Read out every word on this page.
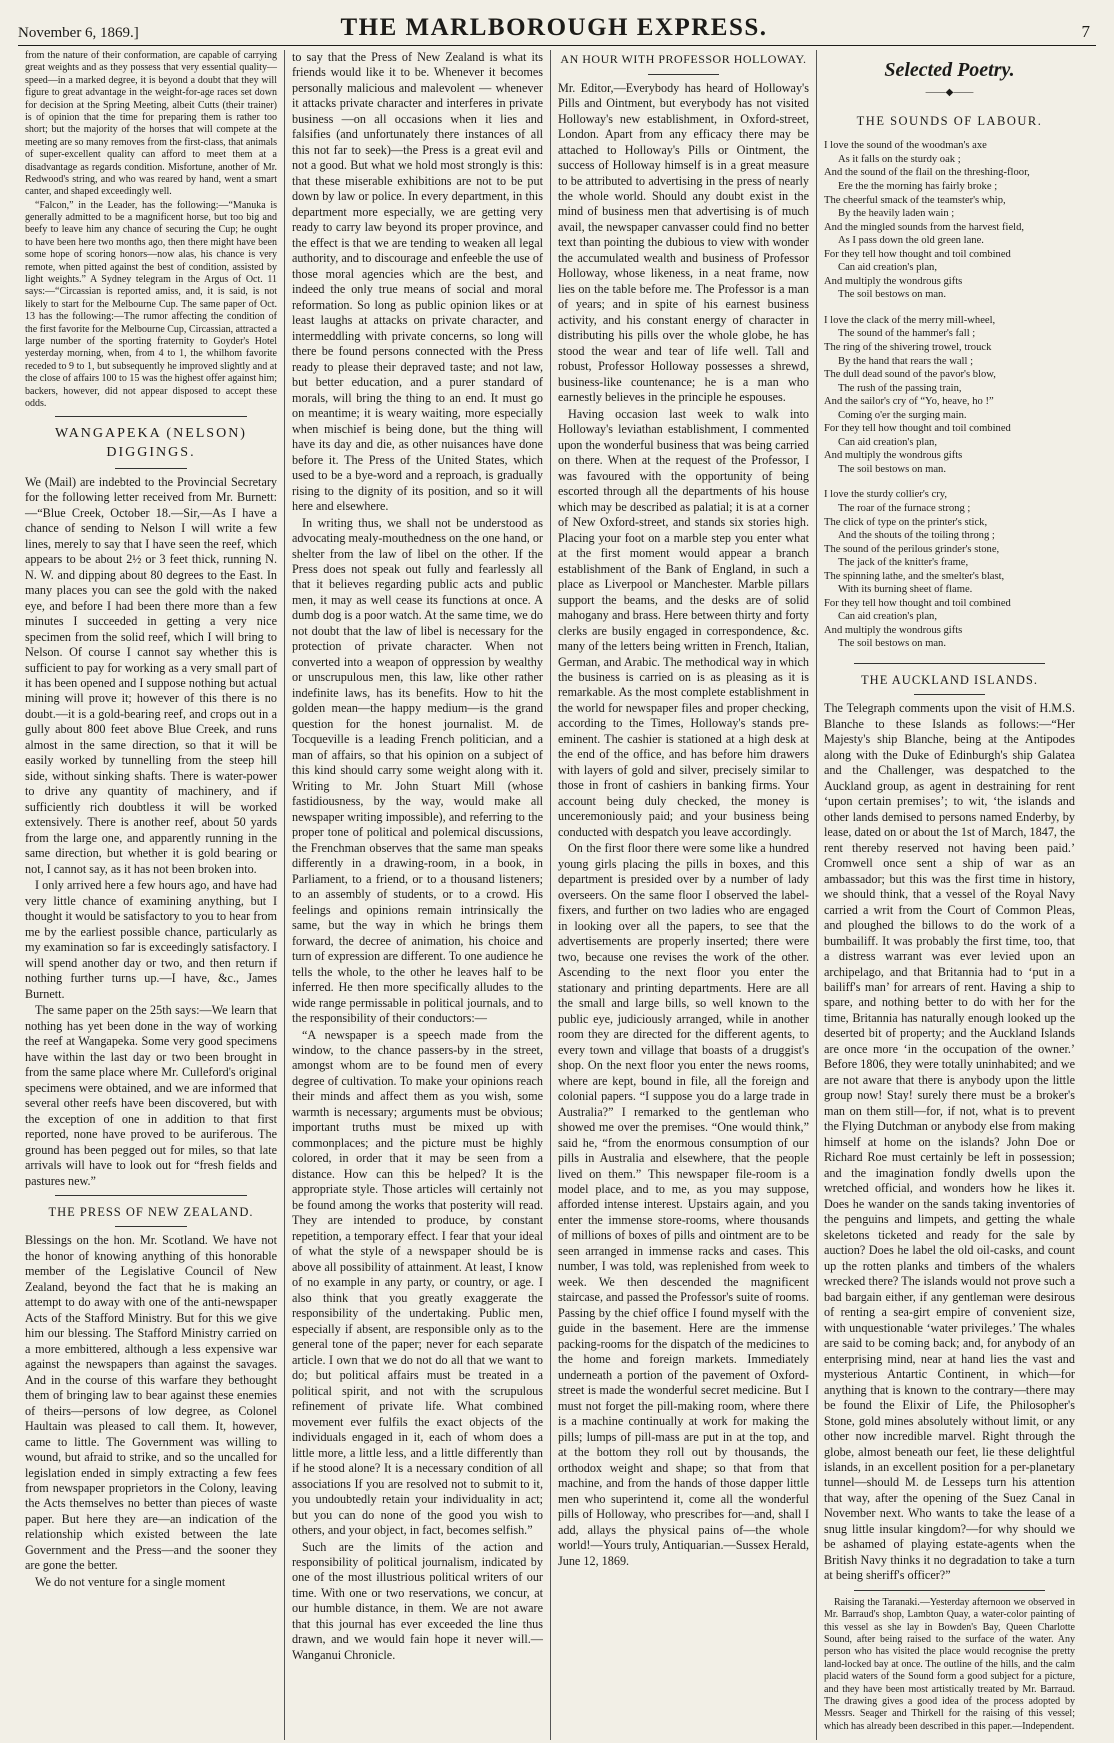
November 6, 1869.]	THE MARLBOROUGH EXPRESS.	7

from the nature of their conformation, are capable of carrying great weights and as they possess that very essential quality—speed—in a marked degree, it is beyond a doubt that they will figure to great advantage in the weight-for-age races set down for decision at the Spring Meeting, albeit Cutts (their trainer) is of opinion that the time for preparing them is rather too short; but the majority of the horses that will compete at the meeting are so many removes from the first-class, that animals of super-excellent quality can afford to meet them at a disadvantage as regards condition. Misfortune, another of Mr. Redwood's string, and who was reared by hand, went a smart canter, and shaped exceedingly well.

“Falcon,” in the Leader, has the following:—“Manuka is generally admitted to be a magnificent horse, but too big and beefy to leave him any chance of securing the Cup; he ought to have been here two months ago, then there might have been some hope of scoring honors—now alas, his chance is very remote, when pitted against the best of condition, assisted by light weights.” A Sydney telegram in the Argus of Oct. 11 says:—“Circassian is reported amiss, and, it is said, is not likely to start for the Melbourne Cup. The same paper of Oct. 13 has the following:—The rumor affecting the condition of the first favorite for the Melbourne Cup, Circassian, attracted a large number of the sporting fraternity to Goyder's Hotel yesterday morning, when, from 4 to 1, the whilhom favorite receded to 9 to 1, but subsequently he improved slightly and at the close of affairs 100 to 15 was the highest offer against him; backers, however, did not appear disposed to accept these odds.

WANGAPEKA (NELSON) DIGGINGS.

We (Mail) are indebted to the Provincial Secretary for the following letter received from Mr. Burnett:—“Blue Creek, October 18.—Sir,—As I have a chance of sending to Nelson I will write a few lines, merely to say that I have seen the reef, which appears to be about 2½ or 3 feet thick, running N. N. W. and dipping about 80 degrees to the East. In many places you can see the gold with the naked eye, and before I had been there more than a few minutes I succeeded in getting a very nice specimen from the solid reef, which I will bring to Nelson. Of course I cannot say whether this is sufficient to pay for working as a very small part of it has been opened and I suppose nothing but actual mining will prove it; however of this there is no doubt.—it is a gold-bearing reef, and crops out in a gully about 800 feet above Blue Creek, and runs almost in the same direction, so that it will be easily worked by tunnelling from the steep hill side, without sinking shafts. There is water-power to drive any quantity of machinery, and if sufficiently rich doubtless it will be worked extensively. There is another reef, about 50 yards from the large one, and apparently running in the same direction, but whether it is gold bearing or not, I cannot say, as it has not been broken into.

I only arrived here a few hours ago, and have had very little chance of examining anything, but I thought it would be satisfactory to you to hear from me by the earliest possible chance, particularly as my examination so far is exceedingly satisfactory. I will spend another day or two, and then return if nothing further turns up.—I have, &c., James Burnett.

The same paper on the 25th says:—We learn that nothing has yet been done in the way of working the reef at Wangapeka. Some very good specimens have within the last day or two been brought in from the same place where Mr. Culleford's original specimens were obtained, and we are informed that several other reefs have been discovered, but with the exception of one in addition to that first reported, none have proved to be auriferous. The ground has been pegged out for miles, so that late arrivals will have to look out for “fresh fields and pastures new.”

THE PRESS OF NEW ZEALAND.

Blessings on the hon. Mr. Scotland. We have not the honor of knowing anything of this honorable member of the Legislative Council of New Zealand, beyond the fact that he is making an attempt to do away with one of the anti-newspaper Acts of the Stafford Ministry. But for this we give him our blessing. The Stafford Ministry carried on a more embittered, although a less expensive war against the newspapers than against the savages. And in the course of this warfare they bethought them of bringing law to bear against these enemies of theirs—persons of low degree, as Colonel Haultain was pleased to call them. It, however, came to little. The Government was willing to wound, but afraid to strike, and so the uncalled for legislation ended in simply extracting a few fees from newspaper proprietors in the Colony, leaving the Acts themselves no better than pieces of waste paper. But here they are—an indication of the relationship which existed between the late Government and the Press—and the sooner they are gone the better.

We do not venture for a single moment

to say that the Press of New Zealand is what its friends would like it to be. Whenever it becomes personally malicious and malevolent — whenever it attacks private character and interferes in private business —on all occasions when it lies and falsifies (and unfortunately there instances of all this not far to seek)—the Press is a great evil and not a good. But what we hold most strongly is this: that these miserable exhibitions are not to be put down by law or police. In every department, in this department more especially, we are getting very ready to carry law beyond its proper province, and the effect is that we are tending to weaken all legal authority, and to discourage and enfeeble the use of those moral agencies which are the best, and indeed the only true means of social and moral reformation. So long as public opinion likes or at least laughs at attacks on private character, and intermeddling with private concerns, so long will there be found persons connected with the Press ready to please their depraved taste; and not law, but better education, and a purer standard of morals, will bring the thing to an end. It must go on meantime; it is weary waiting, more especially when mischief is being done, but the thing will have its day and die, as other nuisances have done before it. The Press of the United States, which used to be a bye-word and a reproach, is gradually rising to the dignity of its position, and so it will here and elsewhere.

In writing thus, we shall not be understood as advocating mealy-mouthedness on the one hand, or shelter from the law of libel on the other. If the Press does not speak out fully and fearlessly all that it believes regarding public acts and public men, it may as well cease its functions at once. A dumb dog is a poor watch. At the same time, we do not doubt that the law of libel is necessary for the protection of private character. When not converted into a weapon of oppression by wealthy or unscrupulous men, this law, like other rather indefinite laws, has its benefits. How to hit the golden mean—the happy medium—is the grand question for the honest journalist. M. de Tocqueville is a leading French politician, and a man of affairs, so that his opinion on a subject of this kind should carry some weight along with it. Writing to Mr. John Stuart Mill (whose fastidiousness, by the way, would make all newspaper writing impossible), and referring to the proper tone of political and polemical discussions, the Frenchman observes that the same man speaks differently in a drawing-room, in a book, in Parliament, to a friend, or to a thousand listeners; to an assembly of students, or to a crowd. His feelings and opinions remain intrinsically the same, but the way in which he brings them forward, the decree of animation, his choice and turn of expression are different. To one audience he tells the whole, to the other he leaves half to be inferred. He then more specifically alludes to the wide range permissable in political journals, and to the responsibility of their conductors:—

“A newspaper is a speech made from the window, to the chance passers-by in the street, amongst whom are to be found men of every degree of cultivation. To make your opinions reach their minds and affect them as you wish, some warmth is necessary; arguments must be obvious; important truths must be mixed up with commonplaces; and the picture must be highly colored, in order that it may be seen from a distance. How can this be helped? It is the appropriate style. Those articles will certainly not be found among the works that posterity will read. They are intended to produce, by constant repetition, a temporary effect. I fear that your ideal of what the style of a newspaper should be is above all possibility of attainment. At least, I know of no example in any party, or country, or age. I also think that you greatly exaggerate the responsibility of the undertaking. Public men, especially if absent, are responsible only as to the general tone of the paper; never for each separate article. I own that we do not do all that we want to do; but political affairs must be treated in a political spirit, and not with the scrupulous refinement of private life. What combined movement ever fulfils the exact objects of the individuals engaged in it, each of whom does a little more, a little less, and a little differently than if he stood alone? It is a necessary condition of all associations If you are resolved not to submit to it, you undoubtedly retain your individuality in act; but you can do none of the good you wish to others, and your object, in fact, becomes selfish.”

Such are the limits of the action and responsibility of political journalism, indicated by one of the most illustrious political writers of our time. With one or two reservations, we concur, at our humble distance, in them. We are not aware that this journal has ever exceeded the line thus drawn, and we would fain hope it never will.—Wanganui Chronicle.

AN HOUR WITH PROFESSOR HOLLOWAY.

Mr. Editor,—Everybody has heard of Holloway's Pills and Ointment, but everybody has not visited Holloway's new establishment, in Oxford-street, London. Apart from any efficacy there may be attached to Holloway's Pills or Ointment, the success of Holloway himself is in a great measure to be attributed to advertising in the press of nearly the whole world. Should any doubt exist in the mind of business men that advertising is of much avail, the newspaper canvasser could find no better text than pointing the dubious to view with wonder the accumulated wealth and business of Professor Holloway, whose likeness, in a neat frame, now lies on the table before me. The Professor is a man of years; and in spite of his earnest business activity, and his constant energy of character in distributing his pills over the whole globe, he has stood the wear and tear of life well. Tall and robust, Professor Holloway possesses a shrewd, business-like countenance; he is a man who earnestly believes in the principle he espouses.

Having occasion last week to walk into Holloway's leviathan establishment, I commented upon the wonderful business that was being carried on there. When at the request of the Professor, I was favoured with the opportunity of being escorted through all the departments of his house which may be described as palatial; it is at a corner of New Oxford-street, and stands six stories high. Placing your foot on a marble step you enter what at the first moment would appear a branch establishment of the Bank of England, in such a place as Liverpool or Manchester. Marble pillars support the beams, and the desks are of solid mahogany and brass. Here between thirty and forty clerks are busily engaged in correspondence, &c. many of the letters being written in French, Italian, German, and Arabic. The methodical way in which the business is carried on is as pleasing as it is remarkable. As the most complete establishment in the world for newspaper files and proper checking, according to the Times, Holloway's stands pre-eminent. The cashier is stationed at a high desk at the end of the office, and has before him drawers with layers of gold and silver, precisely similar to those in front of cashiers in banking firms. Your account being duly checked, the money is unceremoniously paid; and your business being conducted with despatch you leave accordingly.

On the first floor there were some like a hundred young girls placing the pills in boxes, and this department is presided over by a number of lady overseers. On the same floor I observed the label-fixers, and further on two ladies who are engaged in looking over all the papers, to see that the advertisements are properly inserted; there were two, because one revises the work of the other. Ascending to the next floor you enter the stationary and printing departments. Here are all the small and large bills, so well known to the public eye, judiciously arranged, while in another room they are directed for the different agents, to every town and village that boasts of a druggist's shop. On the next floor you enter the news rooms, where are kept, bound in file, all the foreign and colonial papers. “I suppose you do a large trade in Australia?” I remarked to the gentleman who showed me over the premises. “One would think,” said he, “from the enormous consumption of our pills in Australia and elsewhere, that the people lived on them.” This newspaper file-room is a model place, and to me, as you may suppose, afforded intense interest. Upstairs again, and you enter the immense store-rooms, where thousands of millions of boxes of pills and ointment are to be seen arranged in immense racks and cases. This number, I was told, was replenished from week to week. We then descended the magnificent staircase, and passed the Professor's suite of rooms. Passing by the chief office I found myself with the guide in the basement. Here are the immense packing-rooms for the dispatch of the medicines to the home and foreign markets. Immediately underneath a portion of the pavement of Oxford-street is made the wonderful secret medicine. But I must not forget the pill-making room, where there is a machine continually at work for making the pills; lumps of pill-mass are put in at the top, and at the bottom they roll out by thousands, the orthodox weight and shape; so that from that machine, and from the hands of those dapper little men who superintend it, come all the wonderful pills of Holloway, who prescribes for—and, shall I add, allays the physical pains of—the whole world!—Yours truly, Antiquarian.—Sussex Herald, June 12, 1869.

Selected Poetry.
——◆——
THE SOUNDS OF LABOUR.
I love the sound of the woodman's axe
As it falls on the sturdy oak ;
And the sound of the flail on the threshing-floor,
Ere the the morning has fairly broke ;
The cheerful smack of the teamster's whip,
By the heavily laden wain ;
And the mingled sounds from the harvest field,
As I pass down the old green lane.
For they tell how thought and toil combined
Can aid creation's plan,
And multiply the wondrous gifts
The soil bestows on man.
I love the clack of the merry mill-wheel,
The sound of the hammer's fall ;
The ring of the shivering trowel, trouck
By the hand that rears the wall ;
The dull dead sound of the pavor's blow,
The rush of the passing train,
And the sailor's cry of “Yo, heave, ho !”
Coming o'er the surging main.
For they tell how thought and toil combined
Can aid creation's plan,
And multiply the wondrous gifts
The soil bestows on man.
I love the sturdy collier's cry,
The roar of the furnace strong ;
The click of type on the printer's stick,
And the shouts of the toiling throng ;
The sound of the perilous grinder's stone,
The jack of the knitter's frame,
The spinning lathe, and the smelter's blast,
With its burning sheet of flame.
For they tell how thought and toil combined
Can aid creation's plan,
And multiply the wondrous gifts
The soil bestows on man.
THE AUCKLAND ISLANDS.

The Telegraph comments upon the visit of H.M.S. Blanche to these Islands as follows:—“Her Majesty's ship Blanche, being at the Antipodes along with the Duke of Edinburgh's ship Galatea and the Challenger, was despatched to the Auckland group, as agent in destraining for rent ‘upon certain premises’; to wit, ‘the islands and other lands demised to persons named Enderby, by lease, dated on or about the 1st of March, 1847, the rent thereby reserved not having been paid.’ Cromwell once sent a ship of war as an ambassador; but this was the first time in history, we should think, that a vessel of the Royal Navy carried a writ from the Court of Common Pleas, and ploughed the billows to do the work of a bumbailiff. It was probably the first time, too, that a distress warrant was ever levied upon an archipelago, and that Britannia had to ‘put in a bailiff's man’ for arrears of rent. Having a ship to spare, and nothing better to do with her for the time, Britannia has naturally enough looked up the deserted bit of property; and the Auckland Islands are once more ‘in the occupation of the owner.’ Before 1806, they were totally uninhabited; and we are not aware that there is anybody upon the little group now! Stay! surely there must be a broker's man on them still—for, if not, what is to prevent the Flying Dutchman or anybody else from making himself at home on the islands? John Doe or Richard Roe must certainly be left in possession; and the imagination fondly dwells upon the wretched official, and wonders how he likes it. Does he wander on the sands taking inventories of the penguins and limpets, and getting the whale skeletons ticketed and ready for the sale by auction? Does he label the old oil-casks, and count up the rotten planks and timbers of the whalers wrecked there? The islands would not prove such a bad bargain either, if any gentleman were desirous of renting a sea-girt empire of convenient size, with unquestionable ‘water privileges.’ The whales are said to be coming back; and, for anybody of an enterprising mind, near at hand lies the vast and mysterious Antartic Continent, in which—for anything that is known to the contrary—there may be found the Elixir of Life, the Philosopher's Stone, gold mines absolutely without limit, or any other now incredible marvel. Right through the globe, almost beneath our feet, lie these delightful islands, in an excellent position for a per-planetary tunnel—should M. de Lesseps turn his attention that way, after the opening of the Suez Canal in November next. Who wants to take the lease of a snug little insular kingdom?—for why should we be ashamed of playing estate-agents when the British Navy thinks it no degradation to take a turn at being sheriff's officer?”

Raising the Taranaki.—Yesterday afternoon we observed in Mr. Barraud's shop, Lambton Quay, a water-color painting of this vessel as she lay in Bowden's Bay, Queen Charlotte Sound, after being raised to the surface of the water. Any person who has visited the place would recognise the pretty land-locked bay at once. The outline of the hills, and the calm placid waters of the Sound form a good subject for a picture, and they have been most artistically treated by Mr. Barraud. The drawing gives a good idea of the process adopted by Messrs. Seager and Thirkell for the raising of this vessel; which has already been described in this paper.—Independent.
